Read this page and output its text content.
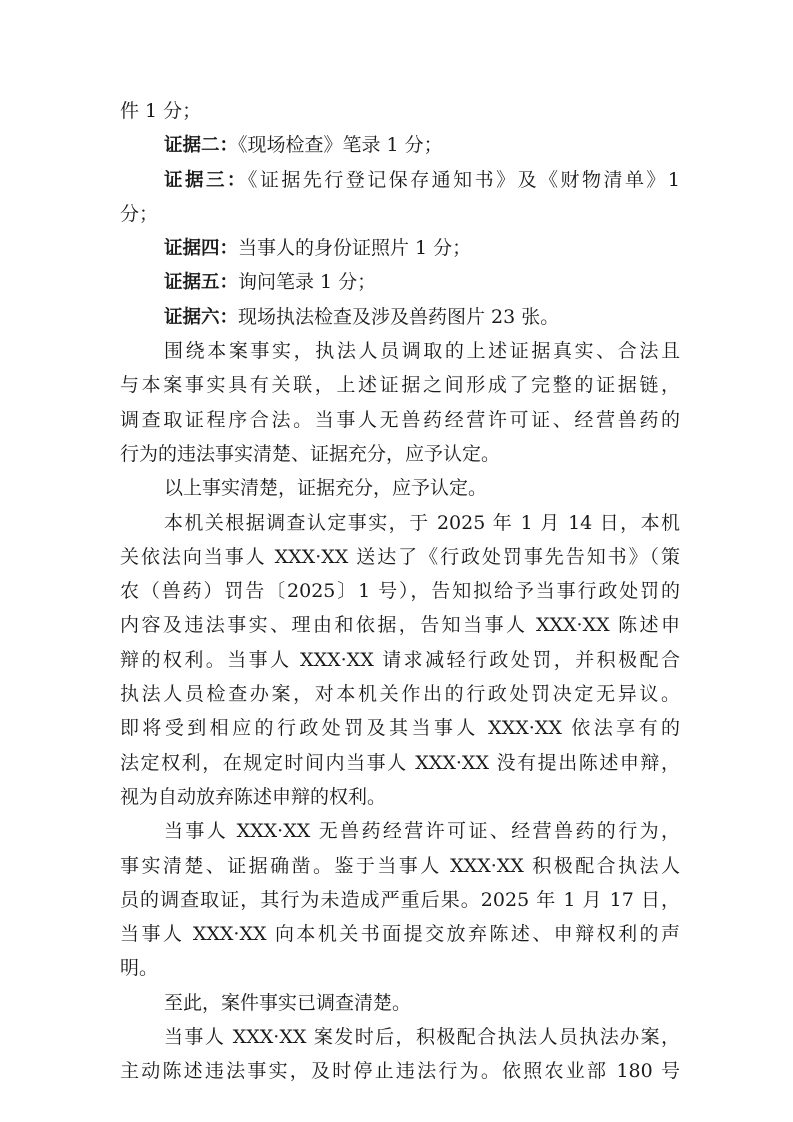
件 1 分；
证据二：《现场检查》笔录 1 分；
证据三：《证据先行登记保存通知书》及《财物清单》1
分；
证据四：当事人的身份证照片 1 分；
证据五：询问笔录 1 分；
证据六：现场执法检查及涉及兽药图片 23 张。
围绕本案事实，执法人员调取的上述证据真实、合法且
与本案事实具有关联，上述证据之间形成了完整的证据链，
调查取证程序合法。当事人无兽药经营许可证、经营兽药的
行为的违法事实清楚、证据充分，应予认定。
以上事实清楚，证据充分，应予认定。
本机关根据调查认定事实，于 2025 年 1 月 14 日，本机
关依法向当事人 XXX·XX 送达了《行政处罚事先告知书》（策
农（兽药）罚告〔2025〕1 号），告知拟给予当事行政处罚的
内容及违法事实、理由和依据，告知当事人 XXX·XX 陈述申
辩的权利。当事人 XXX·XX 请求减轻行政处罚，并积极配合
执法人员检查办案，对本机关作出的行政处罚决定无异议。
即将受到相应的行政处罚及其当事人 XXX·XX 依法享有的
法定权利，在规定时间内当事人 XXX·XX 没有提出陈述申辩，
视为自动放弃陈述申辩的权利。
当事人 XXX·XX 无兽药经营许可证、经营兽药的行为，
事实清楚、证据确凿。鉴于当事人 XXX·XX 积极配合执法人
员的调查取证，其行为未造成严重后果。2025 年 1 月 17 日，
当事人 XXX·XX 向本机关书面提交放弃陈述、申辩权利的声
明。
至此，案件事实已调查清楚。
当事人 XXX·XX 案发时后，积极配合执法人员执法办案，
主动陈述违法事实，及时停止违法行为。依照农业部 180 号
